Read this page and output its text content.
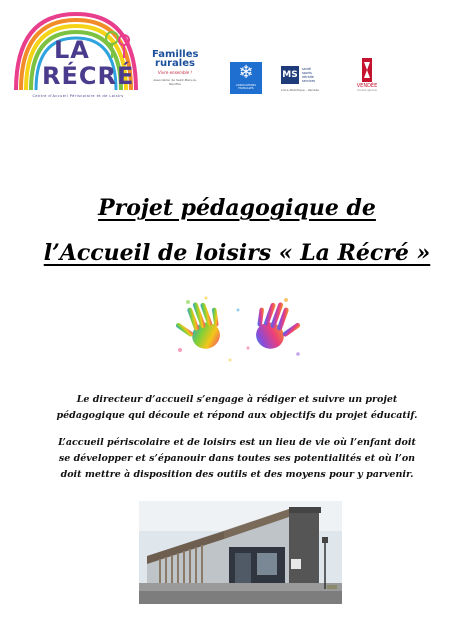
LA
RÉCRÉ
Centre d'Accueil Périscolaire et de Loisirs
Familles
rurales
Vivre ensemble !
Association de Saint-Mars-la-Réorthe
❄
ASSOCIATIONS
FAMILIALES
MS
santé
sports
retraite
services
Loire-Atlantique - Vendée
VENDÉE
Conseil général
Projet pédagogique de
l’Accueil de loisirs « La Récré »

Le directeur d’accueil s’engage à rédiger et suivre un projet pédagogique qui découle et répond aux objectifs du projet éducatif.

L’accueil périscolaire et de loisirs est un lieu de vie où l’enfant doit se développer et s’épanouir dans toutes ses potentialités et où l’on doit mettre à disposition des outils et des moyens pour y parvenir.
